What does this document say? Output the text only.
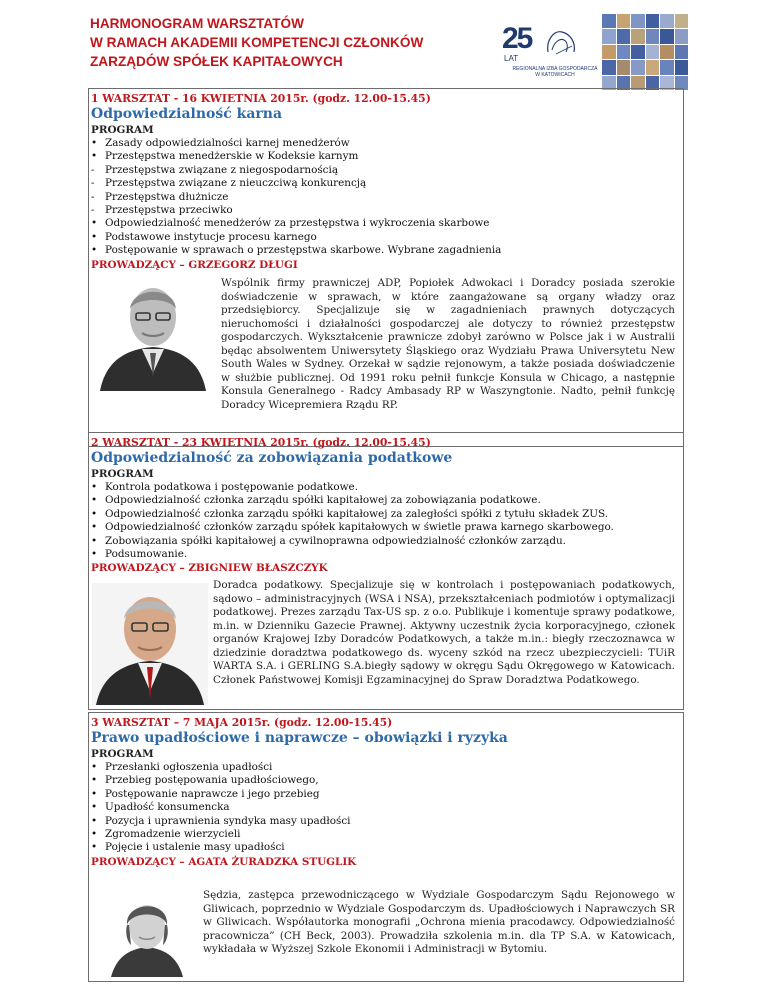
HARMONOGRAM WARSZTATÓW
W RAMACH AKADEMII KOMPETENCJI CZŁONKÓW
ZARZĄDÓW SPÓŁEK KAPITAŁOWYCH
25
LAT
REGIONALNA IZBA GOSPODARCZA
W KATOWICACH
1 WARSZTAT - 16 KWIETNIA 2015r. (godz. 12.00-15.45)
Odpowiedzialność karna
PROGRAM
• Zasady odpowiedzialności karnej menedżerów
• Przestępstwa menedżerskie w Kodeksie karnym
-	Przestępstwa związane z niegospodarnością
-	Przestępstwa związane z nieuczciwą konkurencją
-	Przestępstwa dłużnicze
-	Przestępstwa przeciwko
• Odpowiedzialność menedżerów za przestępstwa i wykroczenia skarbowe
• Podstawowe instytucje procesu karnego
• Postępowanie w sprawach o przestępstwa skarbowe. Wybrane zagadnienia
PROWADZĄCY – GRZEGORZ DŁUGI
Wspólnik firmy prawniczej ADP, Popiołek Adwokaci i Doradcy posiada szerokie doświadczenie w sprawach, w które zaangażowane są organy władzy oraz przedsiębiorcy. Specjalizuje się w zagadnieniach prawnych dotyczących nieruchomości i działalności gospodarczej ale dotyczy to również przestępstw gospodarczych. Wykształcenie prawnicze zdobył zarówno w Polsce jak i w Australii będąc absolwentem Uniwersytety Śląskiego oraz Wydziału Prawa Universytetu New South Wales w Sydney. Orzekał w sądzie rejonowym, a także posiada doświadczenie w służbie publicznej. Od 1991 roku pełnił funkcje Konsula w Chicago, a następnie Konsula Generalnego - Radcy Ambasady RP w Waszyngtonie. Nadto, pełnił funkcję Doradcy Wicepremiera Rządu RP.
2 WARSZTAT - 23 KWIETNIA 2015r. (godz. 12.00-15.45)
Odpowiedzialność za zobowiązania podatkowe
PROGRAM
• Kontrola podatkowa i postępowanie podatkowe.
• Odpowiedzialność członka zarządu spółki kapitałowej za zobowiązania podatkowe.
• Odpowiedzialność członka zarządu spółki kapitałowej za zaległości spółki z tytułu składek ZUS.
• Odpowiedzialność członków zarządu spółek kapitałowych w świetle prawa karnego skarbowego.
• Zobowiązania spółki kapitałowej a cywilnoprawna odpowiedzialność członków zarządu.
• Podsumowanie.
PROWADZĄCY – ZBIGNIEW BŁASZCZYK
Doradca podatkowy. Specjalizuje się w kontrolach i postępowaniach podatkowych, sądowo – administracyjnych (WSA i NSA), przekształceniach podmiotów i optymalizacji podatkowej. Prezes zarządu Tax-US sp. z o.o. Publikuje i komentuje sprawy podatkowe, m.in. w Dzienniku Gazecie Prawnej. Aktywny uczestnik życia korporacyjnego, członek organów Krajowej Izby Doradców Podatkowych, a także m.in.: biegły rzeczoznawca w dziedzinie doradztwa podatkowego ds. wyceny szkód na rzecz ubezpieczycieli: TUiR WARTA S.A. i GERLING S.A.biegły sądowy w okręgu Sądu Okręgowego w Katowicach. Członek Państwowej Komisji Egzaminacyjnej do Spraw Doradztwa Podatkowego.
3 WARSZTAT – 7 MAJA 2015r. (godz. 12.00-15.45)
Prawo upadłościowe i naprawcze – obowiązki i ryzyka
PROGRAM
• Przesłanki ogłoszenia upadłości
• Przebieg postępowania upadłościowego,
• Postępowanie naprawcze i jego przebieg
• Upadłość konsumencka
• Pozycja i uprawnienia syndyka masy upadłości
• Zgromadzenie wierzycieli
• Pojęcie i ustalenie masy upadłości
PROWADZĄCY – AGATA ŻURADZKA STUGLIK
Sędzia, zastępca przewodniczącego w Wydziale Gospodarczym Sądu Rejonowego w Gliwicach, poprzednio w Wydziale Gospodarczym ds. Upadłościowych i Naprawczych SR w Gliwicach. Współautorka monografii „Ochrona mienia pracodawcy. Odpowiedzialność pracownicza” (CH Beck, 2003). Prowadziła szkolenia m.in. dla TP S.A. w Katowicach, wykładała w Wyższej Szkole Ekonomii i Administracji w Bytomiu.
